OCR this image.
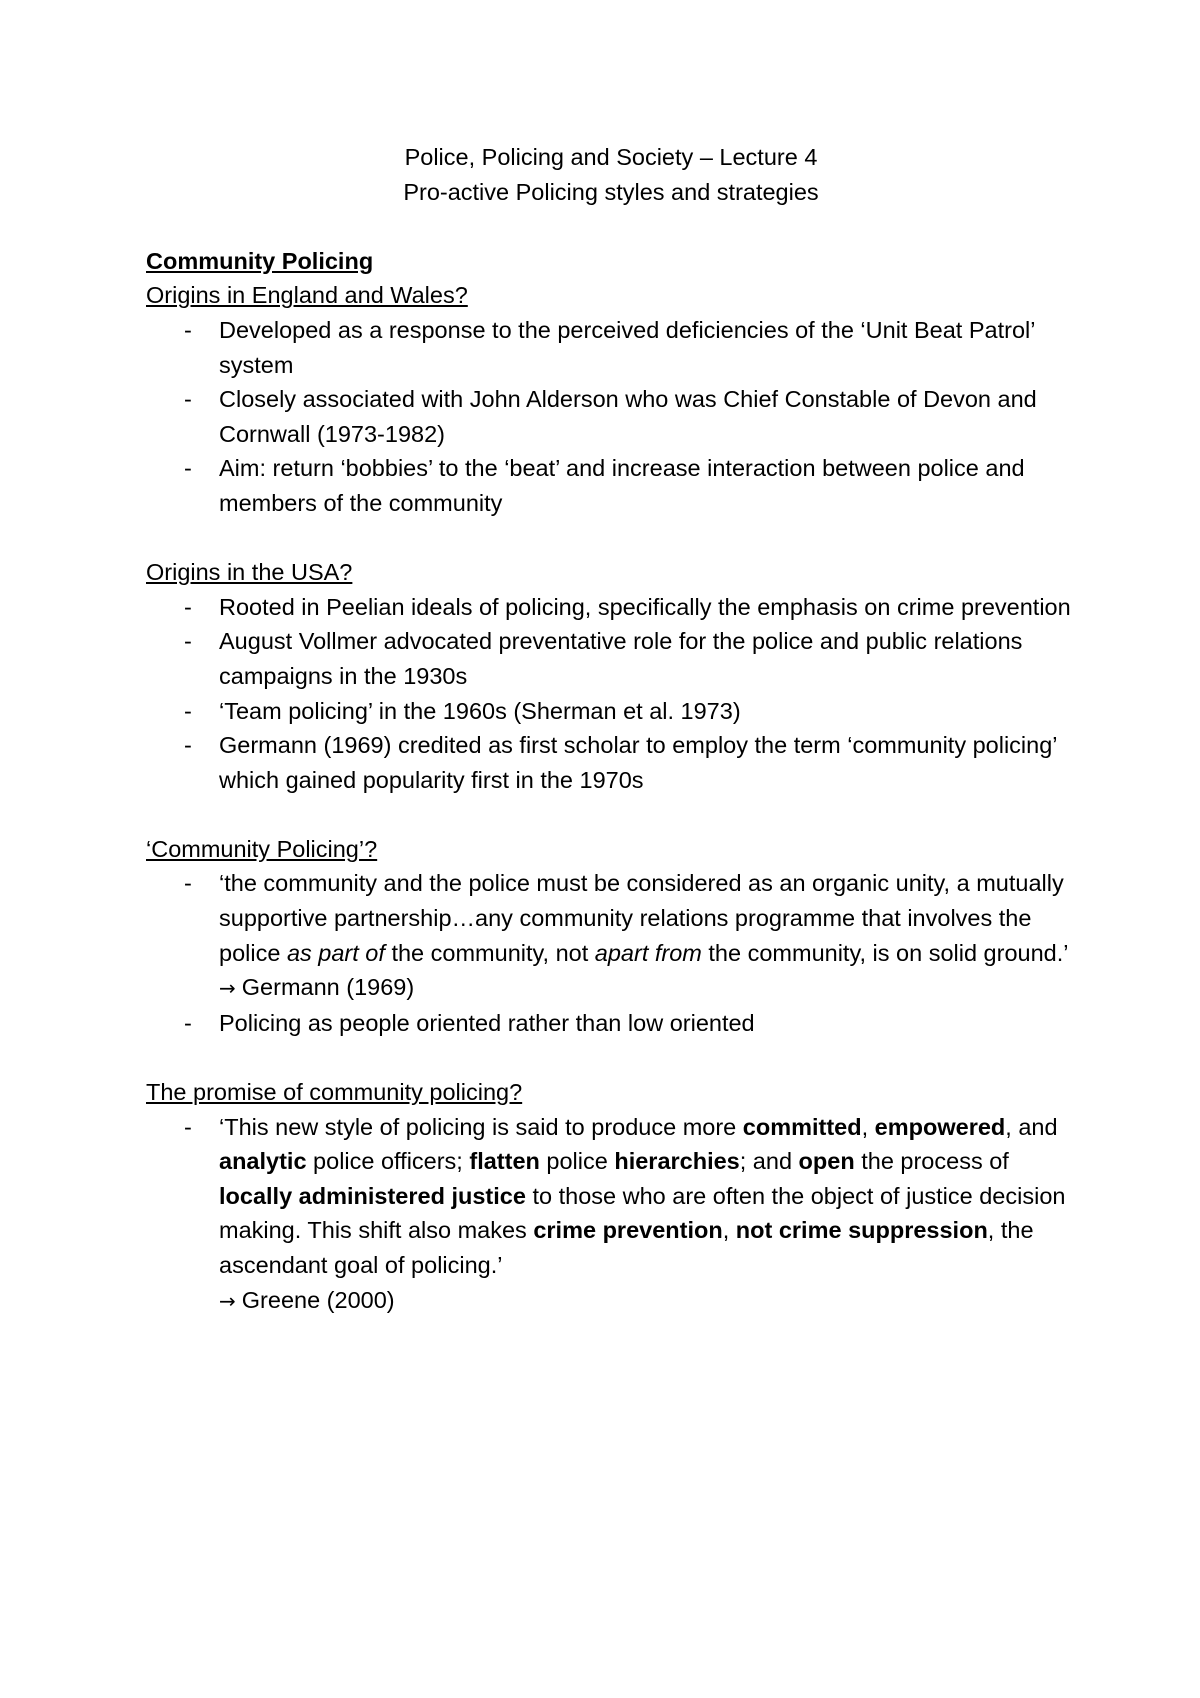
Police, Policing and Society – Lecture 4

Pro-active Policing styles and strategies

Community Policing

Origins in England and Wales?

- Developed as a response to the perceived deficiencies of the ‘Unit Beat Patrol’ system
- Closely associated with John Alderson who was Chief Constable of Devon and Cornwall (1973-1982)
- Aim: return ‘bobbies’ to the ‘beat’ and increase interaction between police and members of the community

Origins in the USA?

- Rooted in Peelian ideals of policing, specifically the emphasis on crime prevention
- August Vollmer advocated preventative role for the police and public relations campaigns in the 1930s
- ‘Team policing’ in the 1960s (Sherman et al. 1973)
- Germann (1969) credited as first scholar to employ the term ‘community policing’ which gained popularity first in the 1970s

‘Community Policing’?

- ‘the community and the police must be considered as an organic unity, a mutually supportive partnership…any community relations programme that involves the police as part of the community, not apart from the community, is on solid ground.’
→ Germann (1969)
- Policing as people oriented rather than low oriented

The promise of community policing?

- ‘This new style of policing is said to produce more committed, empowered, and analytic police officers; flatten police hierarchies; and open the process of locally administered justice to those who are often the object of justice decision making. This shift also makes crime prevention, not crime suppression, the ascendant goal of policing.’
→ Greene (2000)
